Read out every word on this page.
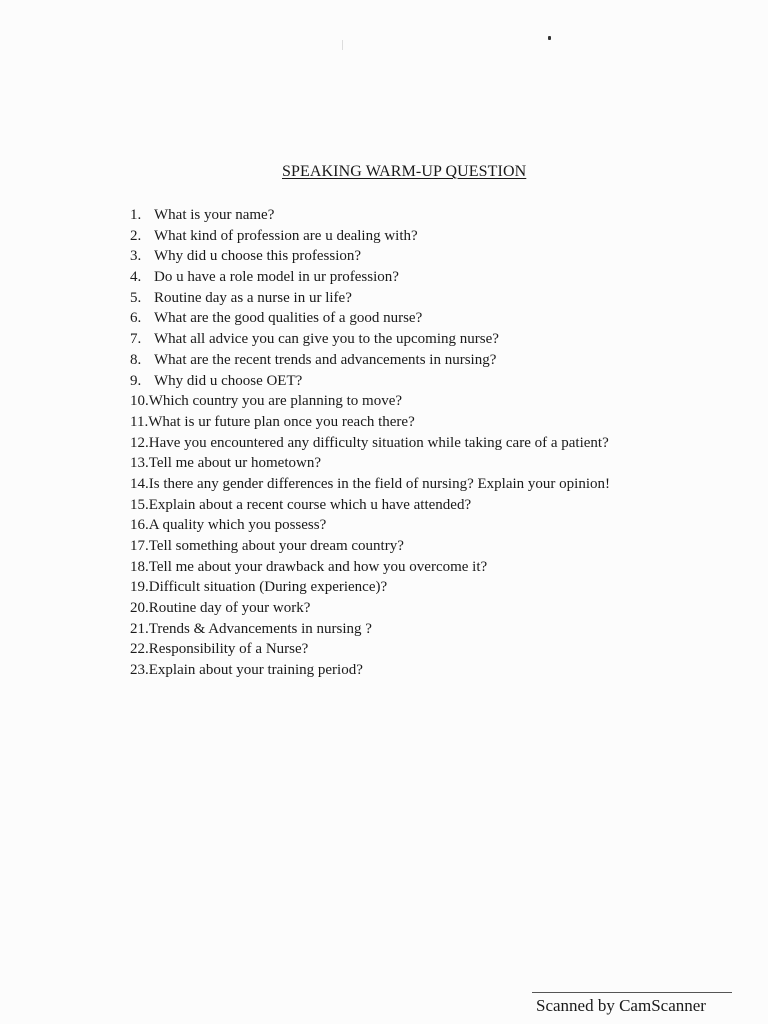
SPEAKING WARM-UP QUESTION
1. What is your name?
2. What kind of profession are u dealing with?
3. Why did u choose this profession?
4. Do u have a role model in ur profession?
5. Routine day as a nurse in ur life?
6. What are the good qualities of a good nurse?
7. What all advice you can give you to the upcoming nurse?
8. What are the recent trends and advancements in nursing?
9. Why did u choose OET?
10. Which country you are planning to move?
11. What is ur future plan once you reach there?
12. Have you encountered any difficulty situation while taking care of a patient?
13. Tell me about ur hometown?
14. Is there any gender differences in the field of nursing? Explain your opinion!
15. Explain about a recent course which u have attended?
16. A quality which you possess?
17. Tell something about your dream country?
18. Tell me about your drawback and how you overcome it?
19. Difficult situation (During experience)?
20. Routine day of your work?
21. Trends & Advancements in nursing ?
22. Responsibility of a Nurse?
23. Explain about your training period?
Scanned by CamScanner
